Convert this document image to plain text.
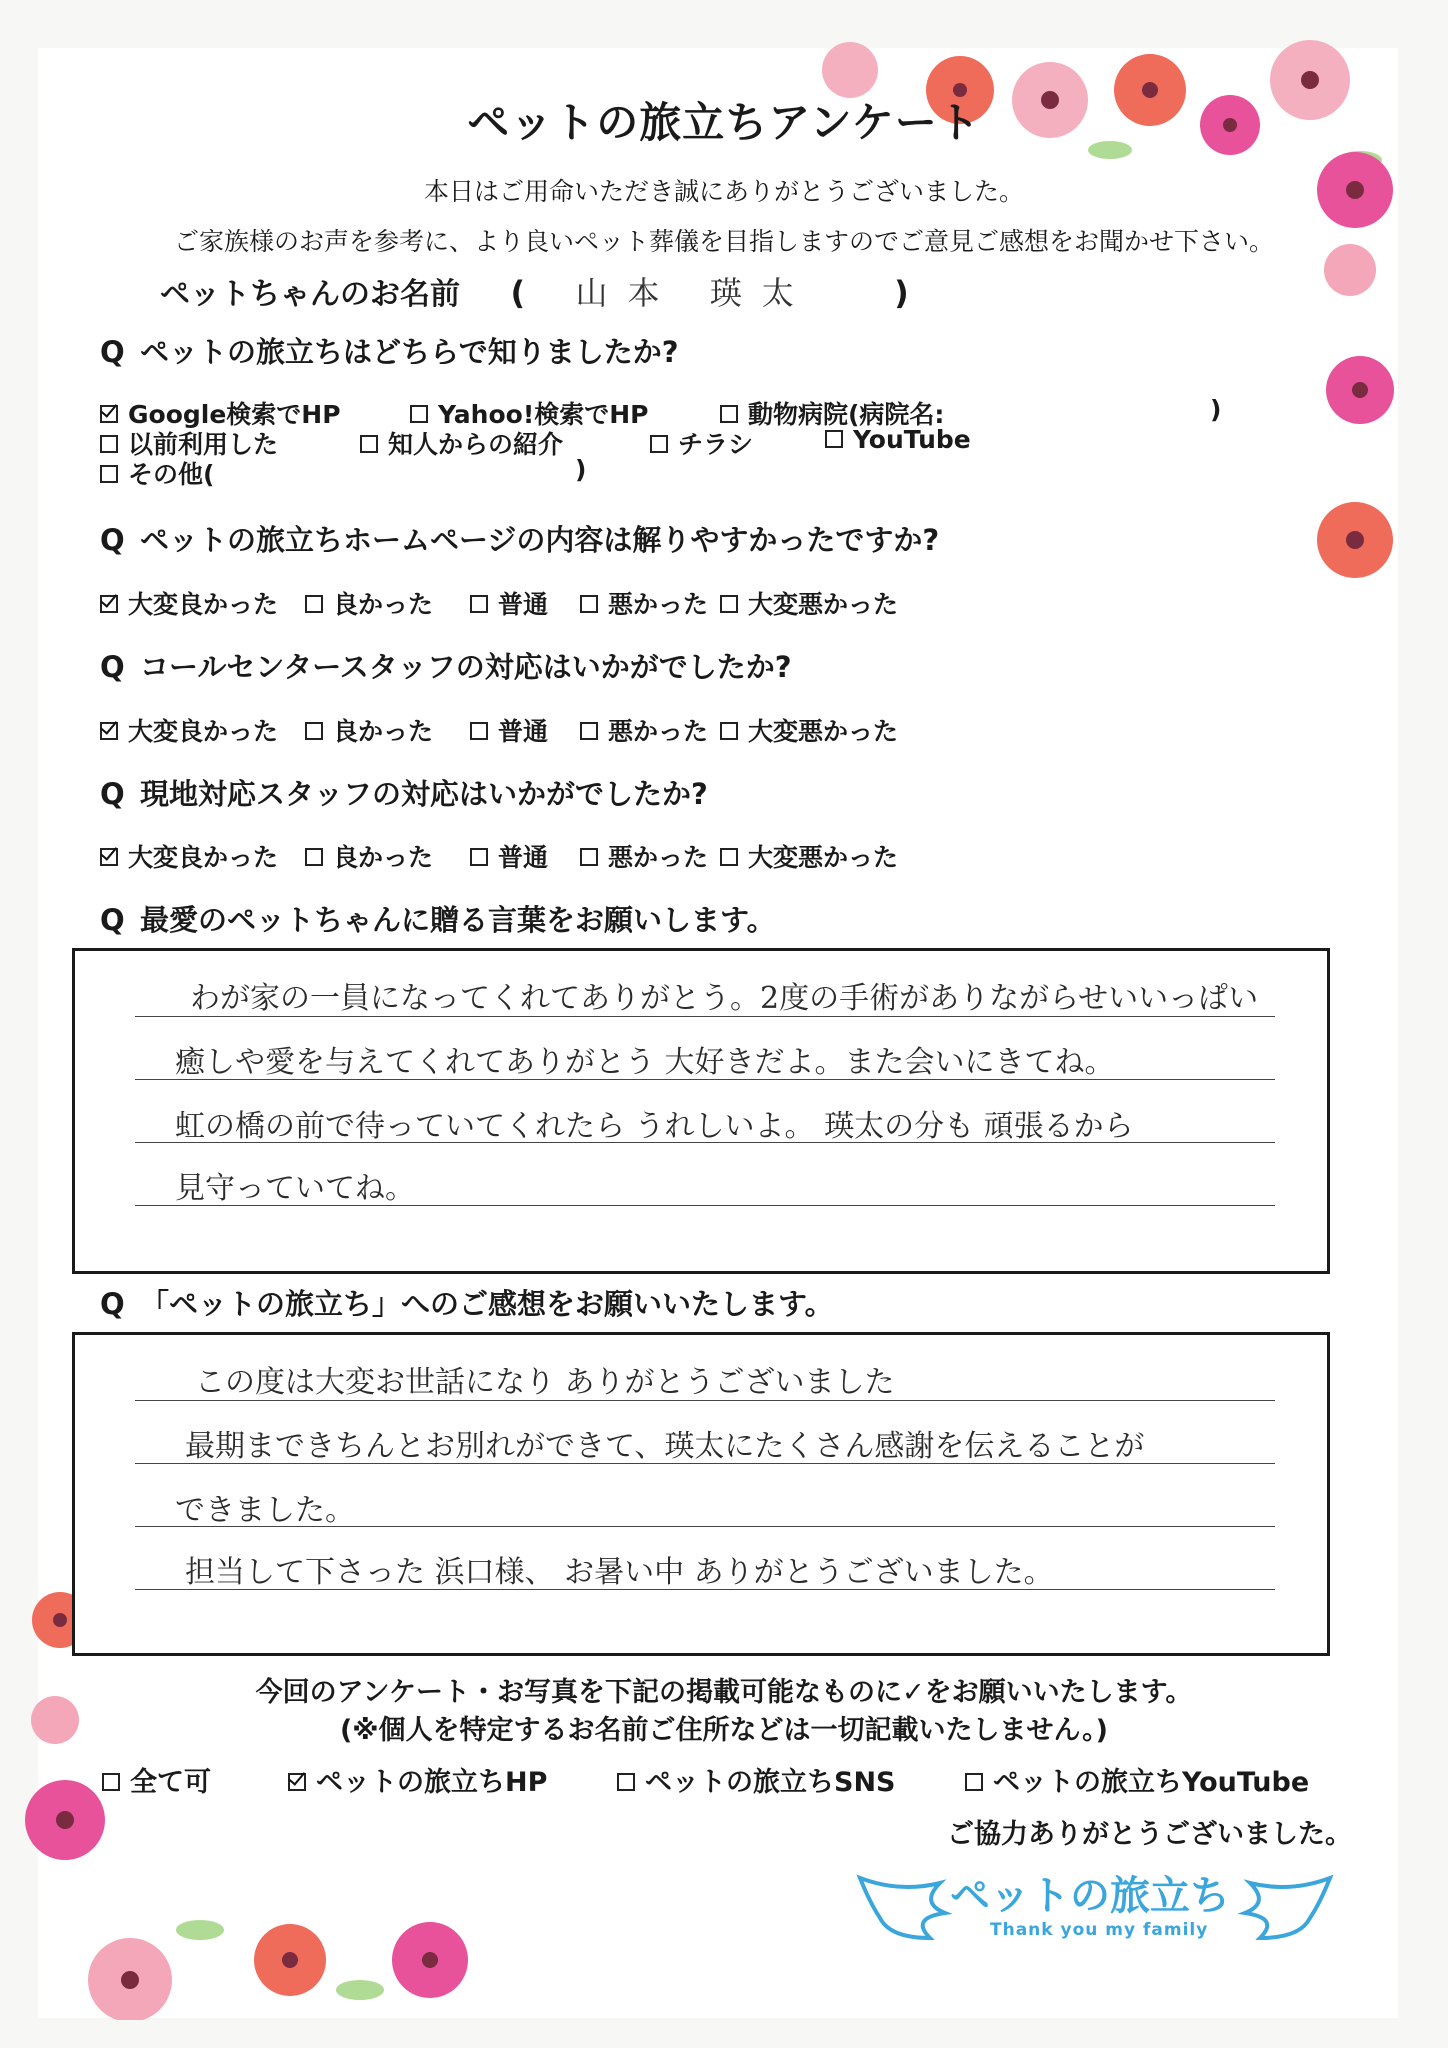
ペットの旅立ちアンケート
本日はご用命いただき誠にありがとうございました。
ご家族様のお声を参考に、より良いペット葬儀を目指しますのでご意見ご感想をお聞かせ下さい。
ペットちゃんのお名前 ( 山本 瑛太	)
Q ペットの旅立ちはどちらで知りましたか?
Google検索でHP	Yahoo!検索でHP	動物病院(病院名:	)
以前利用した	知人からの紹介	チラシ	YouTube
その他(	)
Q ペットの旅立ちホームページの内容は解りやすかったですか?
大変良かった	良かった	普通	悪かった	大変悪かった
Q コールセンタースタッフの対応はいかがでしたか?
大変良かった	良かった	普通	悪かった	大変悪かった
Q 現地対応スタッフの対応はいかがでしたか?
大変良かった	良かった	普通	悪かった	大変悪かった
Q 最愛のペットちゃんに贈る言葉をお願いします。
わが家の一員になってくれてありがとう。2度の手術がありながらせいいっぱい
癒しや愛を与えてくれてありがとう 大好きだよ。また会いにきてね。
虹の橋の前で待っていてくれたら うれしいよ。 瑛太の分も 頑張るから
見守っていてね。
Q 「ペットの旅立ち」へのご感想をお願いいたします。
この度は大変お世話になり ありがとうございました
最期まできちんとお別れができて、瑛太にたくさん感謝を伝えることが
できました。
担当して下さった 浜口様、 お暑い中 ありがとうございました。
今回のアンケート・お写真を下記の掲載可能なものに✓をお願いいたします。
(※個人を特定するお名前ご住所などは一切記載いたしません。)
全て可	ペットの旅立ちHP	ペットの旅立ちSNS	ペットの旅立ちYouTube
ご協力ありがとうございました。
ペットの旅立ち
Thank you my family
